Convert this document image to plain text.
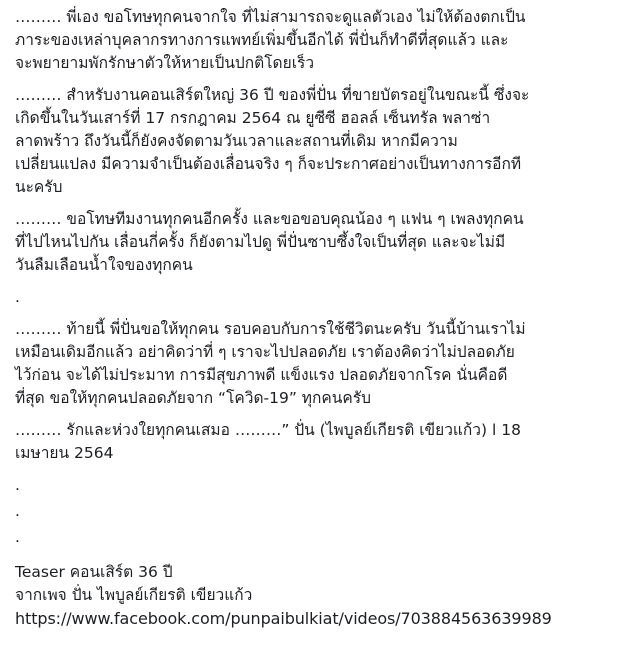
……… พี่เอง ขอโทษทุกคนจากใจ ที่ไม่สามารถจะดูแลตัวเอง ไม่ให้ต้องตกเป็น
ภาระของเหล่าบุคลากรทางการแพทย์เพิ่มขึ้นอีกได้ พี่ปั่นก็ทำดีที่สุดแล้ว และ
จะพยายามพักรักษาตัวให้หายเป็นปกติโดยเร็ว

……… สำหรับงานคอนเสิร์ตใหญ่ 36 ปี ของพี่ปั่น ที่ขายบัตรอยู่ในขณะนี้ ซึ่งจะ
เกิดขึ้นในวันเสาร์ที่ 17 กรกฎาคม 2564 ณ ยูซีซี ฮอลล์ เซ็นทรัล พลาซ่า
ลาดพร้าว ถึงวันนี้ก็ยังคงจัดตามวันเวลาและสถานที่เดิม หากมีความ
เปลี่ยนแปลง มีความจำเป็นต้องเลื่อนจริง ๆ ก็จะประกาศอย่างเป็นทางการอีกที
นะครับ

……… ขอโทษทีมงานทุกคนอีกครั้ง และขอขอบคุณน้อง ๆ แฟน ๆ เพลงทุกคน
ที่ไปไหนไปกัน เลื่อนกี่ครั้ง ก็ยังตามไปดู พี่ปั่นซาบซึ้งใจเป็นที่สุด และจะไม่มี
วันลืมเลือนน้ำใจของทุกคน

.

……… ท้ายนี้ พี่ปั่นขอให้ทุกคน รอบคอบกับการใช้ชีวิตนะครับ วันนี้บ้านเราไม่
เหมือนเดิมอีกแล้ว อย่าคิดว่าที่ ๆ เราจะไปปลอดภัย เราต้องคิดว่าไม่ปลอดภัย
ไว้ก่อน จะได้ไม่ประมาท การมีสุขภาพดี แข็งแรง ปลอดภัยจากโรค นั่นคือดี
ที่สุด ขอให้ทุกคนปลอดภัยจาก “โควิด-19” ทุกคนครับ

……… รักและห่วงใยทุกคนเสมอ ………” ปั่น (ไพบูลย์เกียรติ เขียวแก้ว) l 18
เมษายน 2564

.
.
.
Teaser คอนเสิร์ต 36 ปี
จากเพจ ปั่น ไพบูลย์เกียรติ เขียวแก้ว
https://www.facebook.com/punpaibulkiat/videos/703884563639989
